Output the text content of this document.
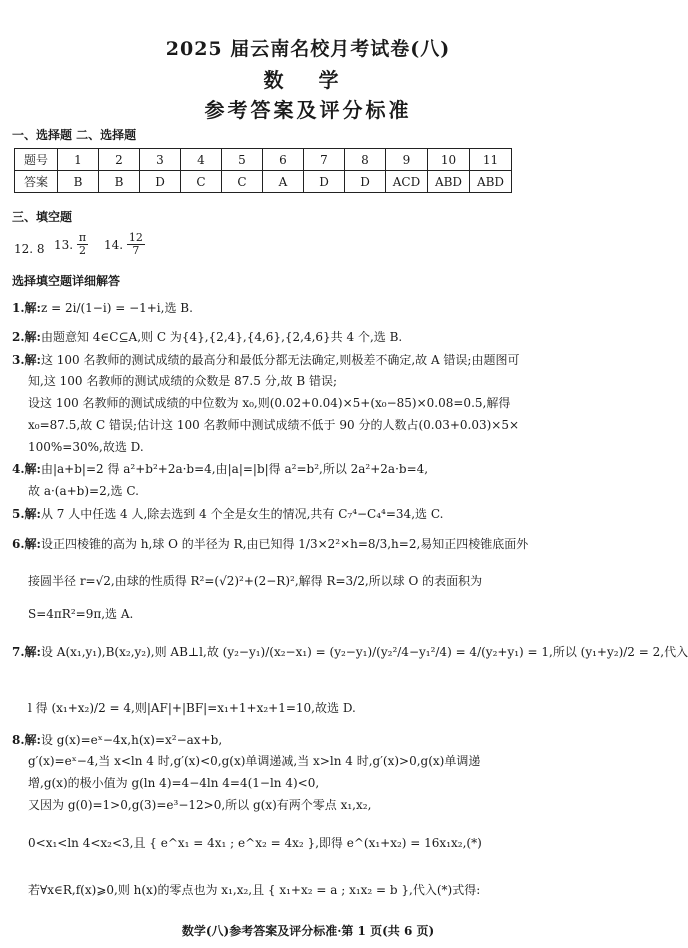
2025 届云南名校月考试卷(八)
数 学
参考答案及评分标准
一、选择题 二、选择题
题号	1	2	3	4	5	6	7	8	9	10	11
答案	B	B	D	C	C	A	D	D	ACD	ABD	ABD
三、填空题
12. 8 13. $\frac{\pi}{2} 14$. $\frac{12}{7}$
选择填空题详细解答
1.解:z = 2i/(1−i) = −1+i,选 B.
2.解:由题意知 4∈C⊆A,则 C 为{4},{2,4},{4,6},{2,4,6}共 4 个,选 B.
3.解:这 100 名教师的测试成绩的最高分和最低分都无法确定,则极差不确定,故 A 错误;由题图可
知,这 100 名教师的测试成绩的众数是 87.5 分,故 B 错误;
设这 100 名教师的测试成绩的中位数为 x₀,则(0.02+0.04)×5+(x₀−85)×0.08=0.5,解得
x₀=87.5,故 C 错误;估计这 100 名教师中测试成绩不低于 90 分的人数占(0.03+0.03)×5×
100%=30%,故选 D.
4.解:由|a+b|=2 得 a²+b²+2a·b=4,由|a|=|b|得 a²=b²,所以 2a²+2a·b=4,
故 a·(a+b)=2,选 C.
5.解:从 7 人中任选 4 人,除去选到 4 个全是女生的情况,共有 C₇⁴−C₄⁴=34,选 C.
6.解:设正四棱锥的高为 h,球 O 的半径为 R,由已知得 1/3×2²×h=8/3,h=2,易知正四棱锥底面外
接圆半径 r=√2,由球的性质得 R²=(√2)²+(2−R)²,解得 R=3/2,所以球 O 的表面积为
S=4πR²=9π,选 A.
7.解:设 A(x₁,y₁),B(x₂,y₂),则 AB⊥l,故 (y₂−y₁)/(x₂−x₁) = (y₂−y₁)/(y₂²/4−y₁²/4) = 4/(y₂+y₁) = 1,所以 (y₁+y₂)/2 = 2,代入
l 得 (x₁+x₂)/2 = 4,则|AF|+|BF|=x₁+1+x₂+1=10,故选 D.
8.解:设 g(x)=eˣ−4x,h(x)=x²−ax+b,
g′(x)=eˣ−4,当 x<ln 4 时,g′(x)<0,g(x)单调递减,当 x>ln 4 时,g′(x)>0,g(x)单调递
增,g(x)的极小值为 g(ln 4)=4−4ln 4=4(1−ln 4)<0,
又因为 g(0)=1>0,g(3)=e³−12>0,所以 g(x)有两个零点 x₁,x₂,
0<x₁<ln 4<x₂<3,且 { e^x₁ = 4x₁ ; e^x₂ = 4x₂ },即得 e^(x₁+x₂) = 16x₁x₂,(*)
若∀x∈R,f(x)⩾0,则 h(x)的零点也为 x₁,x₂,且 { x₁+x₂ = a ; x₁x₂ = b },代入(*)式得:
数学(八)参考答案及评分标准·第 1 页(共 6 页)
